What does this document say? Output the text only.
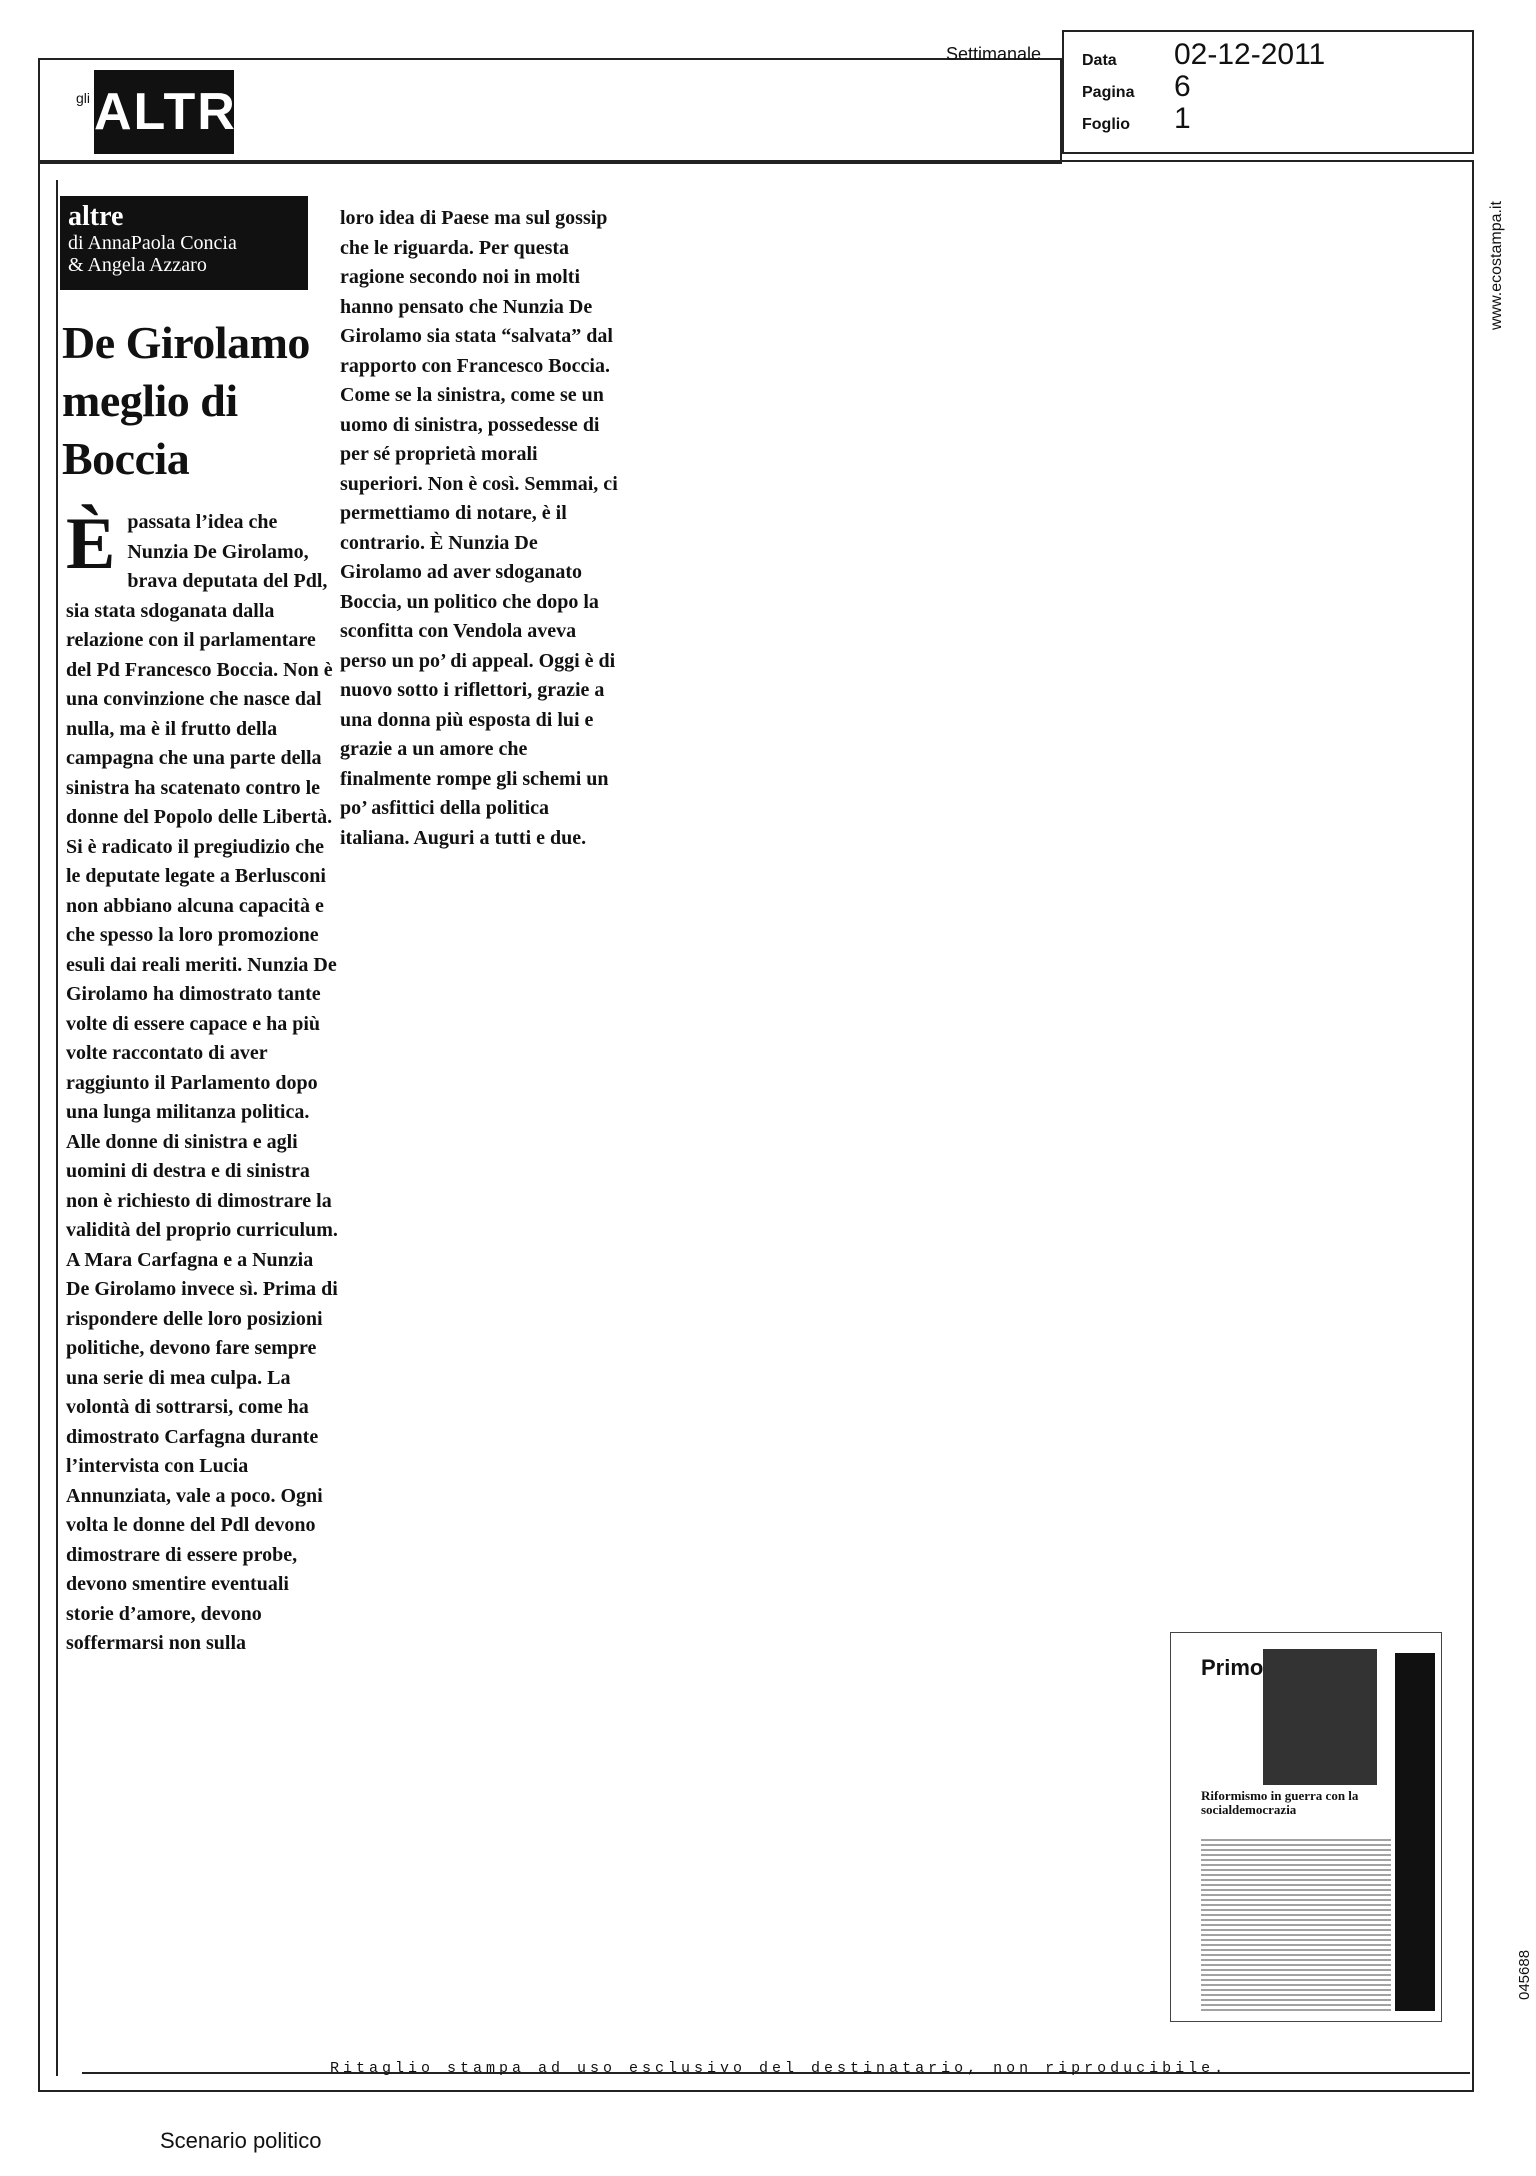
gli ALTRI
Settimanale	Data 02-12-2011
Pagina 6
Foglio 1
www.ecostampa.it
altre
di AnnaPaola Concia
& Angela Azzaro
De Girolamo meglio di Boccia
È passata l’idea che Nunzia De Girolamo, brava deputata del Pdl, sia stata sdoganata dalla relazione con il parlamentare del Pd Francesco Boccia. Non è una convinzione che nasce dal nulla, ma è il frutto della campagna che una parte della sinistra ha scatenato contro le donne del Popolo delle Libertà. Si è radicato il pregiudizio che le deputate legate a Berlusconi non abbiano alcuna capacità e che spesso la loro promozione esuli dai reali meriti. Nunzia De Girolamo ha dimostrato tante volte di essere capace e ha più volte raccontato di aver raggiunto il Parlamento dopo una lunga militanza politica. Alle donne di sinistra e agli uomini di destra e di sinistra non è richiesto di dimostrare la validità del proprio curriculum. A Mara Carfagna e a Nunzia De Girolamo invece sì. Prima di rispondere delle loro posizioni politiche, devono fare sempre una serie di mea culpa. La volontà di sottrarsi, come ha dimostrato Carfagna durante l’intervista con Lucia Annunziata, vale a poco. Ogni volta le donne del Pdl devono dimostrare di essere probe, devono smentire eventuali storie d’amore, devono soffermarsi non sulla
loro idea di Paese ma sul gossip che le riguarda. Per questa ragione secondo noi in molti hanno pensato che Nunzia De Girolamo sia stata “salvata” dal rapporto con Francesco Boccia. Come se la sinistra, come se un uomo di sinistra, possedesse di per sé proprietà morali superiori. Non è così. Semmai, ci permettiamo di notare, è il contrario. È Nunzia De Girolamo ad aver sdoganato Boccia, un politico che dopo la sconfitta con Vendola aveva perso un po’ di appeal. Oggi è di nuovo sotto i riflettori, grazie a una donna più esposta di lui e grazie a un amore che finalmente rompe gli schemi un po’ asfittici della politica italiana. Auguri a tutti e due.
Primo
Riformismo in guerra con la socialdemocrazia
045688
Ritaglio stampa ad uso esclusivo del destinatario, non riproducibile.
Scenario politico
